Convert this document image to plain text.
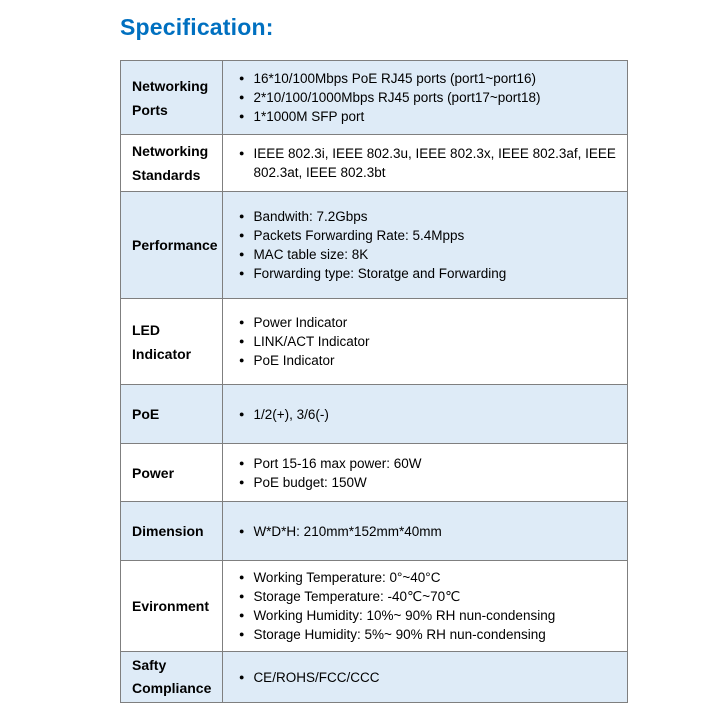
Specification:
Networking Ports	
● 16*10/100Mbps PoE RJ45 ports (port1~port16)
● 2*10/100/1000Mbps RJ45 ports (port17~port18)
● 1*1000M SFP port

Networking Standards	● IEEE 802.3i, IEEE 802.3u, IEEE 802.3x, IEEE 802.3af, IEEE 802.3at, IEEE 802.3bt

Performance	
● Bandwith: 7.2Gbps
● Packets Forwarding Rate: 5.4Mpps
● MAC table size: 8K
● Forwarding type: Storatge and Forwarding

LED Indicator	
● Power Indicator
● LINK/ACT Indicator
● PoE Indicator

PoE	● 1/2(+), 3/6(-)

Power	● Port 15-16 max power: 60W
● PoE budget: 150W

Dimension	● W*D*H: 210mm*152mm*40mm

Evironment	
● Working Temperature: 0°~40°C
● Storage Temperature: -40℃~70℃
● Working Humidity: 10%~ 90% RH nun-condensing
● Storage Humidity: 5%~ 90% RH nun-condensing

Safty Compliance	● CE/ROHS/FCC/CCC
